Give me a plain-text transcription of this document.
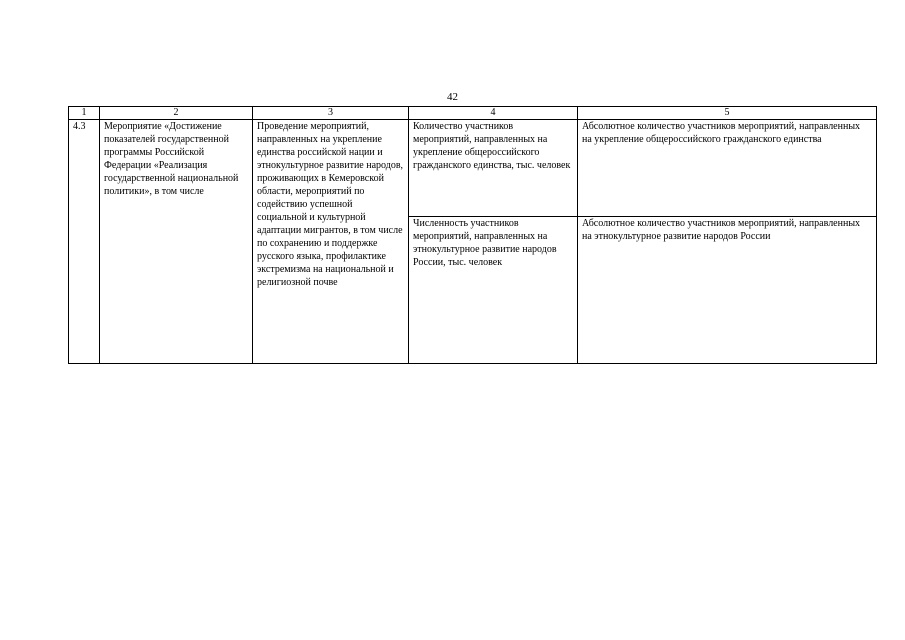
42
1	2	3	4	5
4.3	Мероприятие «Достижение показателей государственной программы Российской Федерации «Реализация государственной национальной политики», в том числе	Проведение мероприятий, направленных на укрепление единства российской нации и этнокультурное развитие народов, проживающих в Кемеровской области, мероприятий по содействию успешной социальной и культурной адаптации мигрантов, в том числе по сохранению и поддержке русского языка, профилактике экстремизма на национальной и религиозной почве	Количество участников мероприятий, направленных на укрепление общероссийского гражданского единства, тыс. человек	Абсолютное количество участников мероприятий, направленных на укрепление общероссийского гражданского единства
			Численность участников мероприятий, направленных на этнокультурное развитие народов России, тыс. человек	Абсолютное количество участников мероприятий, направленных на этнокультурное развитие народов России
